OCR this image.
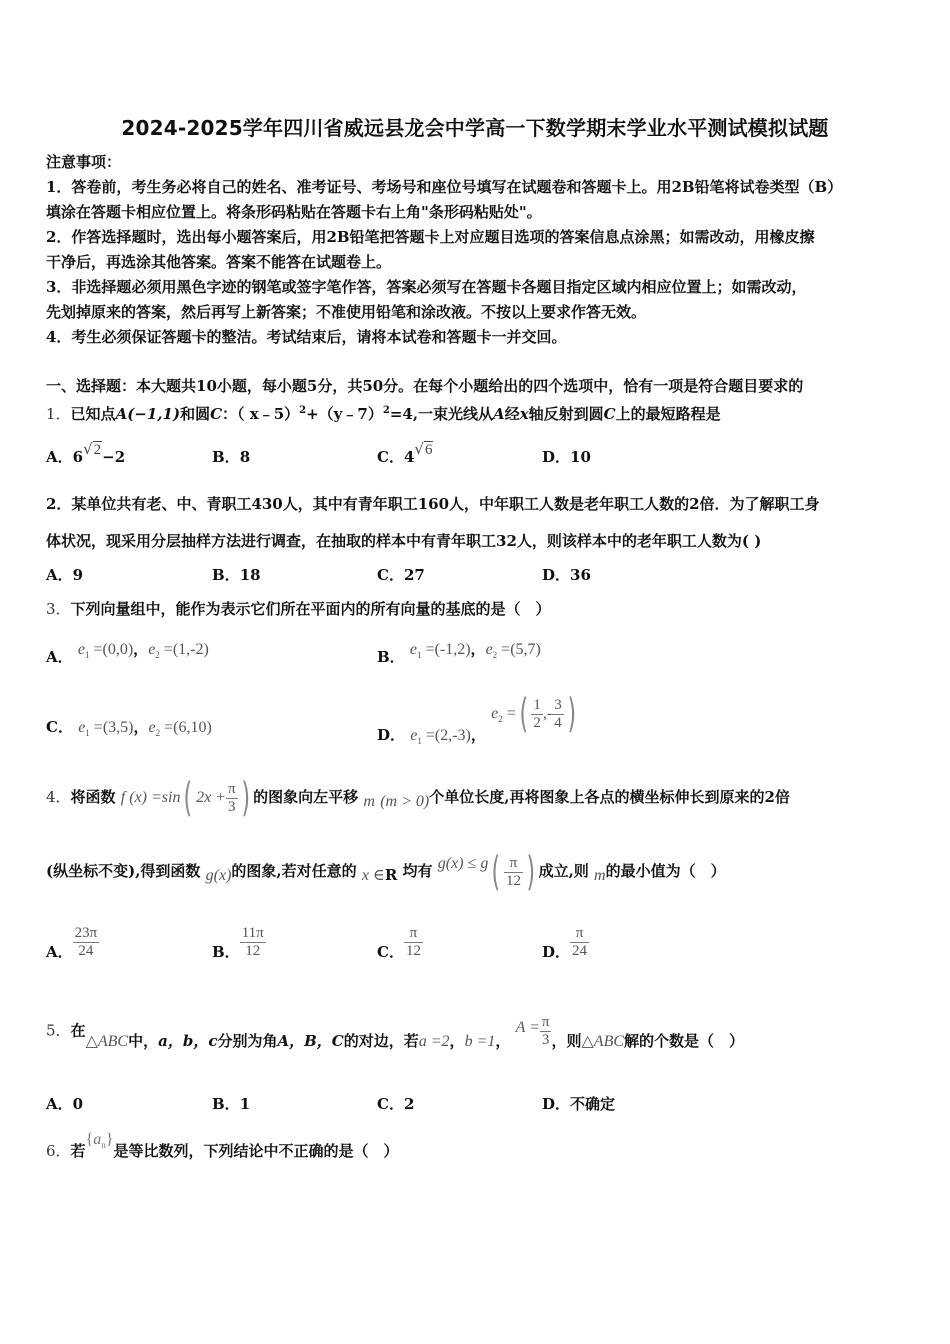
2024-2025学年四川省威远县龙会中学高一下数学期末学业水平测试模拟试题
注意事项：
1．答卷前，考生务必将自己的姓名、准考证号、考场号和座位号填写在试题卷和答题卡上。用2B铅笔将试卷类型（B）
填涂在答题卡相应位置上。将条形码粘贴在答题卡右上角"条形码粘贴处"。
2．作答选择题时，选出每小题答案后，用2B铅笔把答题卡上对应题目选项的答案信息点涂黑；如需改动，用橡皮擦
干净后，再选涂其他答案。答案不能答在试题卷上。
3．非选择题必须用黑色字迹的钢笔或签字笔作答，答案必须写在答题卡各题目指定区域内相应位置上；如需改动，
先划掉原来的答案，然后再写上新答案；不准使用铅笔和涂改液。不按以上要求作答无效。
4．考生必须保证答题卡的整洁。考试结束后，请将本试卷和答题卡一并交回。
一、选择题：本大题共10小题，每小题5分，共50分。在每个小题给出的四个选项中，恰有一项是符合题目要求的
1．已知点A(−1,1)和圆C：（ x﹣5）$^2$+（y﹣7）$^2$=4,一束光线从A经x轴反射到圆C上的最短路程是
A．6√2−2	B．8	C．4√6	D．10
2．某单位共有老、中、青职工430人，其中有青年职工160人，中年职工人数是老年职工人数的2倍．为了解职工身
体状况，现采用分层抽样方法进行调查，在抽取的样本中有青年职工32人，则该样本中的老年职工人数为( )
A．9	B．18	C．27	D．36
3．下列向量组中，能作为表示它们所在平面内的所有向量的基底的是（　）
A． $e_1 =(0,0)$，$e_2 =(1,-2)$	B． $e_1 =(-1,2)$，$e_2 =(5,7)$
C． $e_1 =(3,5)$，$e_2 =(6,10)$	D． $e_1 =(2,-3)$， $e_2$ =( $\frac{1}{2}$ ,- $\frac{3}{4}$ )
4．将函数 f (x) =sin( $2x + \frac{\pi}{3}$ ) 的图象向左平移 m (m > 0)个单位长度,再将图象上各点的横坐标伸长到原来的2倍
(纵坐标不变),得到函数 g(x)的图象,若对任意的 x ∈R 均有 $g(x) \le g( \frac{\pi}{12}$ ) 成立,则 m的最小值为（　）
A． $\frac{23\pi}{24}$	B． $\frac{11\pi}{12}$	C． $\frac{\pi}{12}$	D． $\frac{\pi}{24}$
5．在△ABC中，a，b，c分别为角A，B，C的对边，若a =2，b =1， $A = \frac{\pi}{3}$ ，则△ABC解的个数是（　）
A．0	B．1	C．2	D．不确定
6．若$\{a_n\}$是等比数列，下列结论中不正确的是（　）
